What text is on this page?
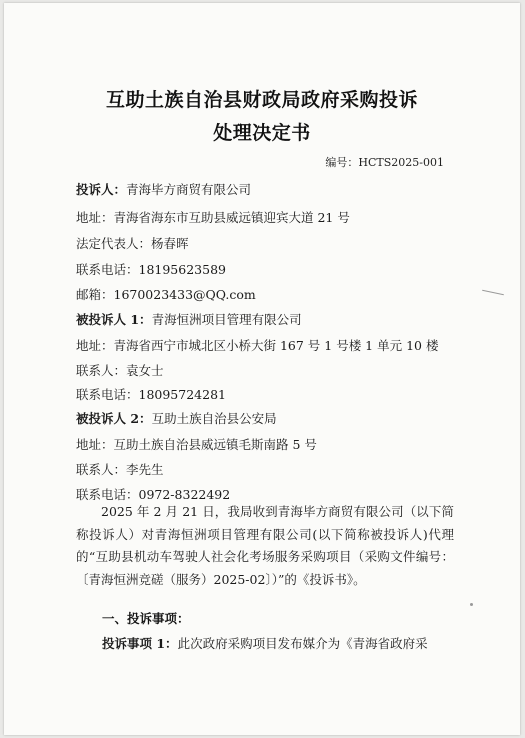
互助土族自治县财政局政府采购投诉
处理决定书
编号：HCTS2025-001
投诉人：青海毕方商贸有限公司
地址：青海省海东市互助县威远镇迎宾大道 21 号
法定代表人：杨春晖
联系电话：18195623589
邮箱：1670023433@QQ.com
被投诉人 1：青海恒洲项目管理有限公司
地址：青海省西宁市城北区小桥大街 167 号 1 号楼 1 单元 10 楼
联系人：袁女士
联系电话：18095724281
被投诉人 2：互助土族自治县公安局
地址：互助土族自治县威远镇毛斯南路 5 号
联系人：李先生
联系电话：0972-8322492
2025 年 2 月 21 日，我局收到青海毕方商贸有限公司（以下简称投诉人）对青海恒洲项目管理有限公司(以下简称被投诉人)代理的“互助县机动车驾驶人社会化考场服务采购项目（采购文件编号：〔青海恒洲竞磋（服务）2025-02〕）”的《投诉书》。
一、投诉事项：
投诉事项 1：此次政府采购项目发布媒介为《青海省政府采
